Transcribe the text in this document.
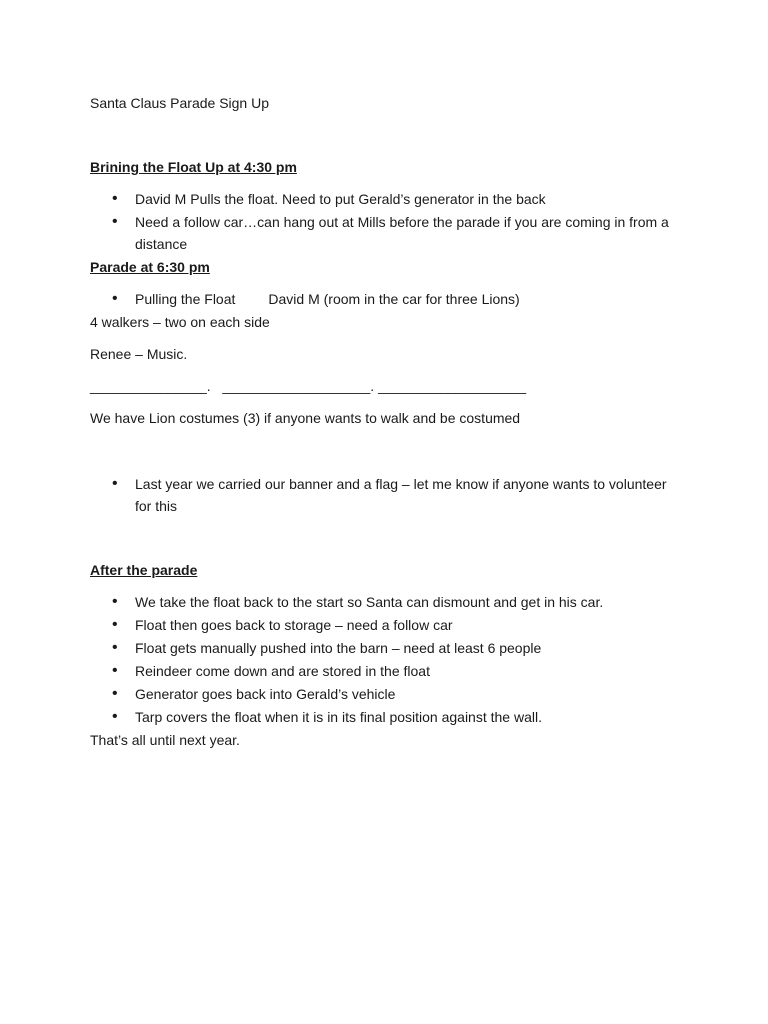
Santa Claus Parade Sign Up

Brining the Float Up at 4:30 pm

• David M Pulls the float. Need to put Gerald’s generator in the back
• Need a follow car…can hang out at Mills before the parade if you are coming in from a distance

Parade at 6:30 pm

• Pulling the Float David M (room in the car for three Lions)

4 walkers – two on each side

Renee – Music.

_______________.   ___________________. ___________________

We have Lion costumes (3) if anyone wants to walk and be costumed

• Last year we carried our banner and a flag – let me know if anyone wants to volunteer for this

After the parade

• We take the float back to the start so Santa can dismount and get in his car.
• Float then goes back to storage – need a follow car
• Float gets manually pushed into the barn – need at least 6 people
• Reindeer come down and are stored in the float
• Generator goes back into Gerald’s vehicle
• Tarp covers the float when it is in its final position against the wall.

That’s all until next year.
